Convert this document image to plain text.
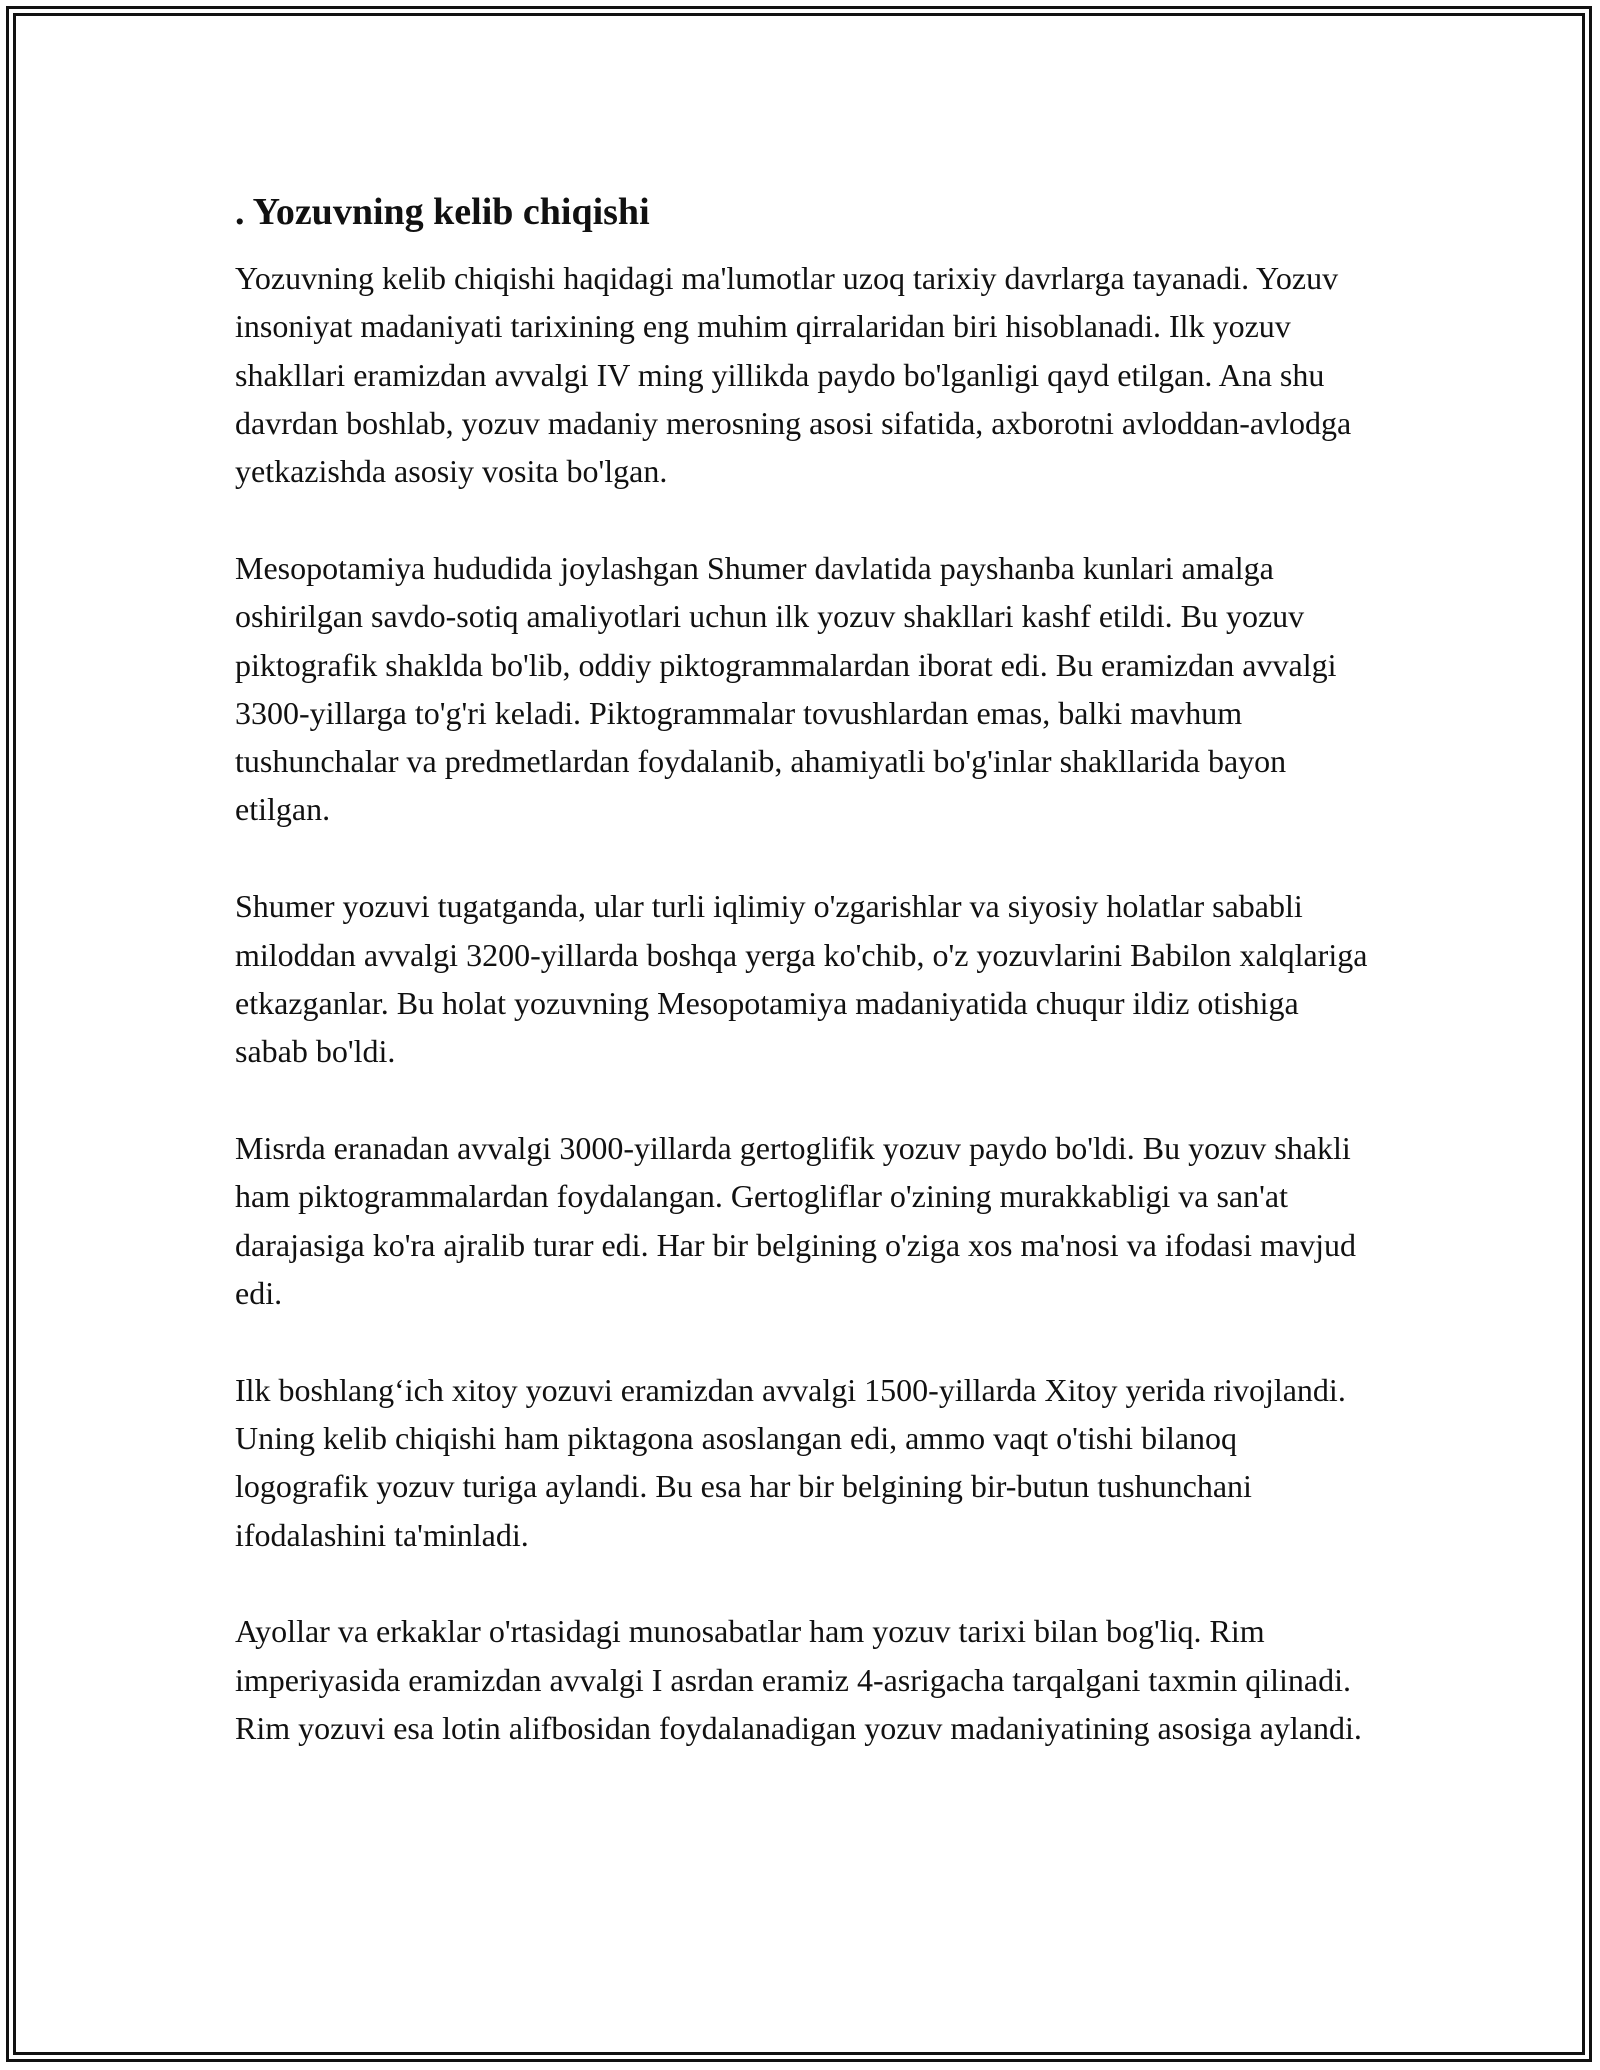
. Yozuvning kelib chiqishi

Yozuvning kelib chiqishi haqidagi ma'lumotlar uzoq tarixiy davrlarga tayanadi. Yozuv insoniyat madaniyati tarixining eng muhim qirralaridan biri hisoblanadi. Ilk yozuv shakllari eramizdan avvalgi IV ming yillikda paydo bo'lganligi qayd etilgan. Ana shu davrdan boshlab, yozuv madaniy merosning asosi sifatida, axborotni avloddan-avlodga yetkazishda asosiy vosita bo'lgan.

Mesopotamiya hududida joylashgan Shumer davlatida payshanba kunlari amalga oshirilgan savdo-sotiq amaliyotlari uchun ilk yozuv shakllari kashf etildi. Bu yozuv piktografik shakldа bo'lib, oddiy piktogrammalardan iborat edi. Bu eramizdan avvalgi 3300-yillarga to'g'ri keladi. Piktogrammalar tovushlardan emas, balki mavhum tushunchalar va predmetlardan foydalanib, ahamiyatli bo'g'inlar shakllarida bayon etilgan.

Shumer yozuvi tugatganda, ular turli iqlimiy o'zgarishlar va siyosiy holatlar sababli miloddan avvalgi 3200-yillarda boshqa yerga ko'chib, o'z yozuvlarini Babilon xalqlariga etkazganlar. Bu holat yozuvning Mesopotamiya madaniyatida chuqur ildiz otishiga sabab bo'ldi.

Misrda eranadan avvalgi 3000-yillarda gertoglifik yozuv paydo bo'ldi. Bu yozuv shakli ham piktogrammalardan foydalangan. Gertogliflar o'zining murakkabligi va san'at darajasiga ko'ra ajralib turar edi. Har bir belgining o'ziga xos ma'nosi va ifodasi mavjud edi.

Ilk boshlang‘ich xitoy yozuvi eramizdan avvalgi 1500-yillarda Xitoy yerida rivojlandi. Uning kelib chiqishi ham piktagona asoslangan edi, ammo vaqt o'tishi bilanoq logografik yozuv turiga aylandi. Bu esa har bir belgining bir-butun tushunchani ifodalashini ta'minladi.

Ayollar va erkaklar o'rtasidagi munosabatlar ham yozuv tarixi bilan bog'liq. Rim imperiyasida eramizdan avvalgi I asrdan eramiz 4-asrigacha tarqalgani taxmin qilinadi. Rim yozuvi esa lotin alifbosidan foydalanadigan yozuv madaniyatining asosiga aylandi.
